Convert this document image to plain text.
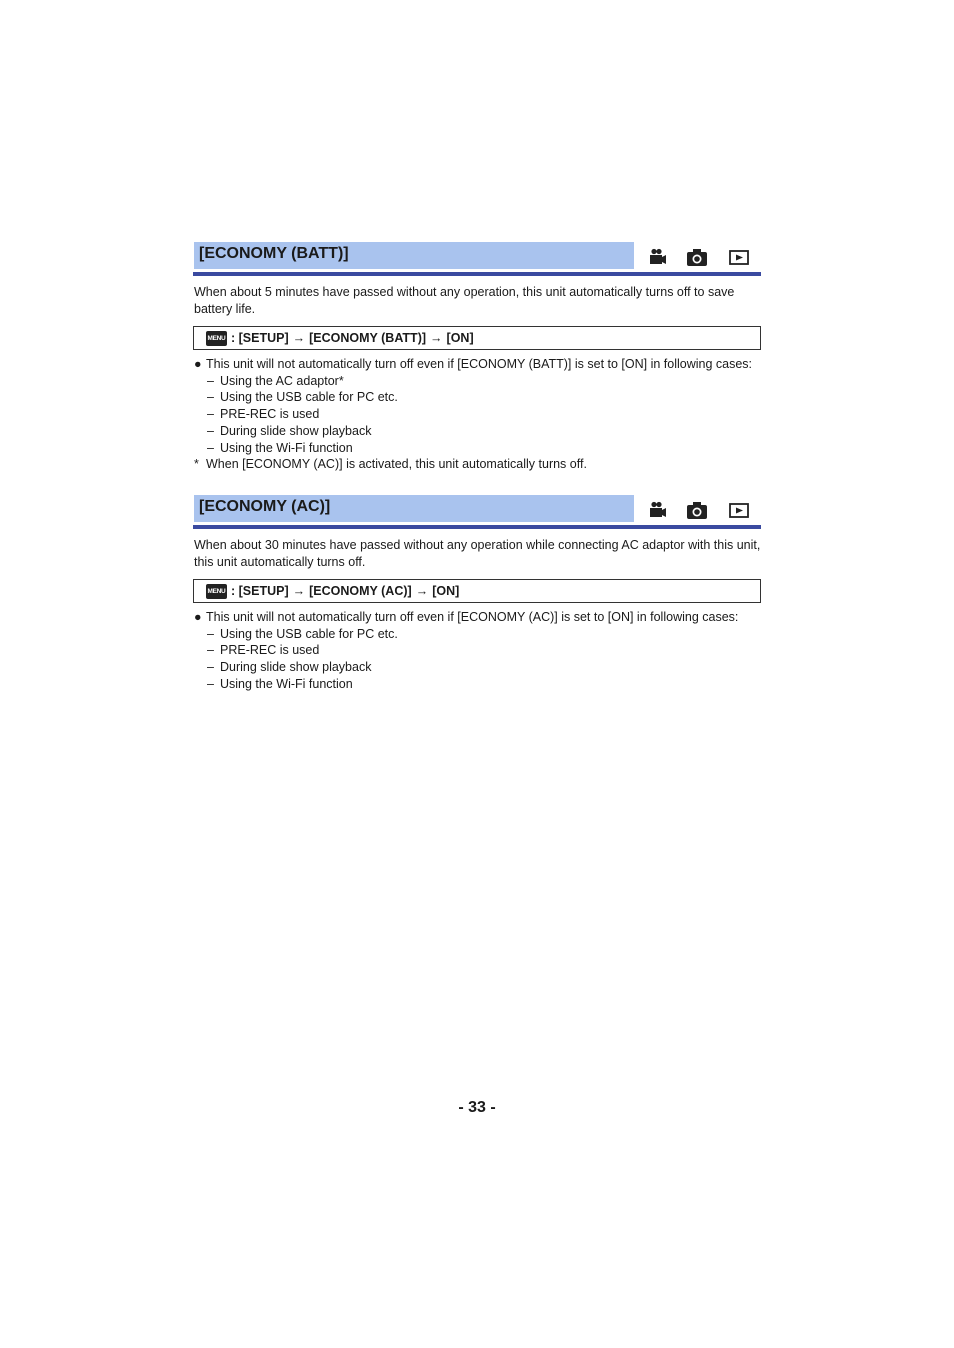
[ECONOMY (BATT)]
When about 5 minutes have passed without any operation, this unit automatically turns off to save battery life.
MENU : [SETUP] → [ECONOMY (BATT)] → [ON]
● This unit will not automatically turn off even if [ECONOMY (BATT)] is set to [ON] in following cases:
– Using the AC adaptor*
– Using the USB cable for PC etc.
– PRE-REC is used
– During slide show playback
– Using the Wi-Fi function
* When [ECONOMY (AC)] is activated, this unit automatically turns off.
[ECONOMY (AC)]
When about 30 minutes have passed without any operation while connecting AC adaptor with this unit, this unit automatically turns off.
MENU : [SETUP] → [ECONOMY (AC)] → [ON]
● This unit will not automatically turn off even if [ECONOMY (AC)] is set to [ON] in following cases:
– Using the USB cable for PC etc.
– PRE-REC is used
– During slide show playback
– Using the Wi-Fi function
- 33 -
